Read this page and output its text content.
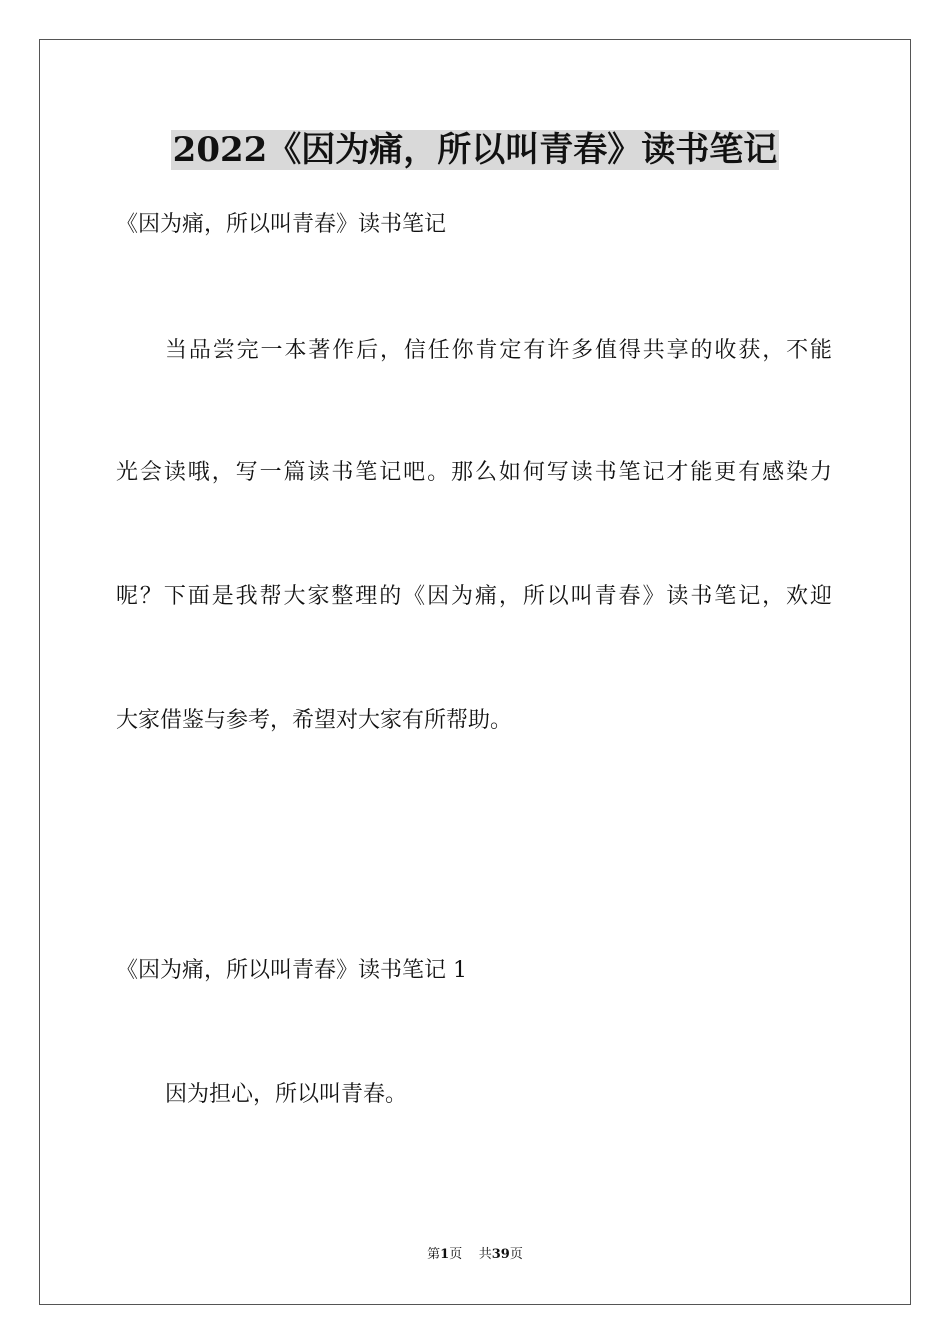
2022《因为痛，所以叫青春》读书笔记
《因为痛，所以叫青春》读书笔记
当品尝完一本著作后，信任你肯定有许多值得共享的收获，不能
光会读哦，写一篇读书笔记吧。那么如何写读书笔记才能更有感染力
呢？下面是我帮大家整理的《因为痛，所以叫青春》读书笔记，欢迎
大家借鉴与参考，希望对大家有所帮助。
《因为痛，所以叫青春》读书笔记 1
因为担心，所以叫青春。
第1页 共39页
